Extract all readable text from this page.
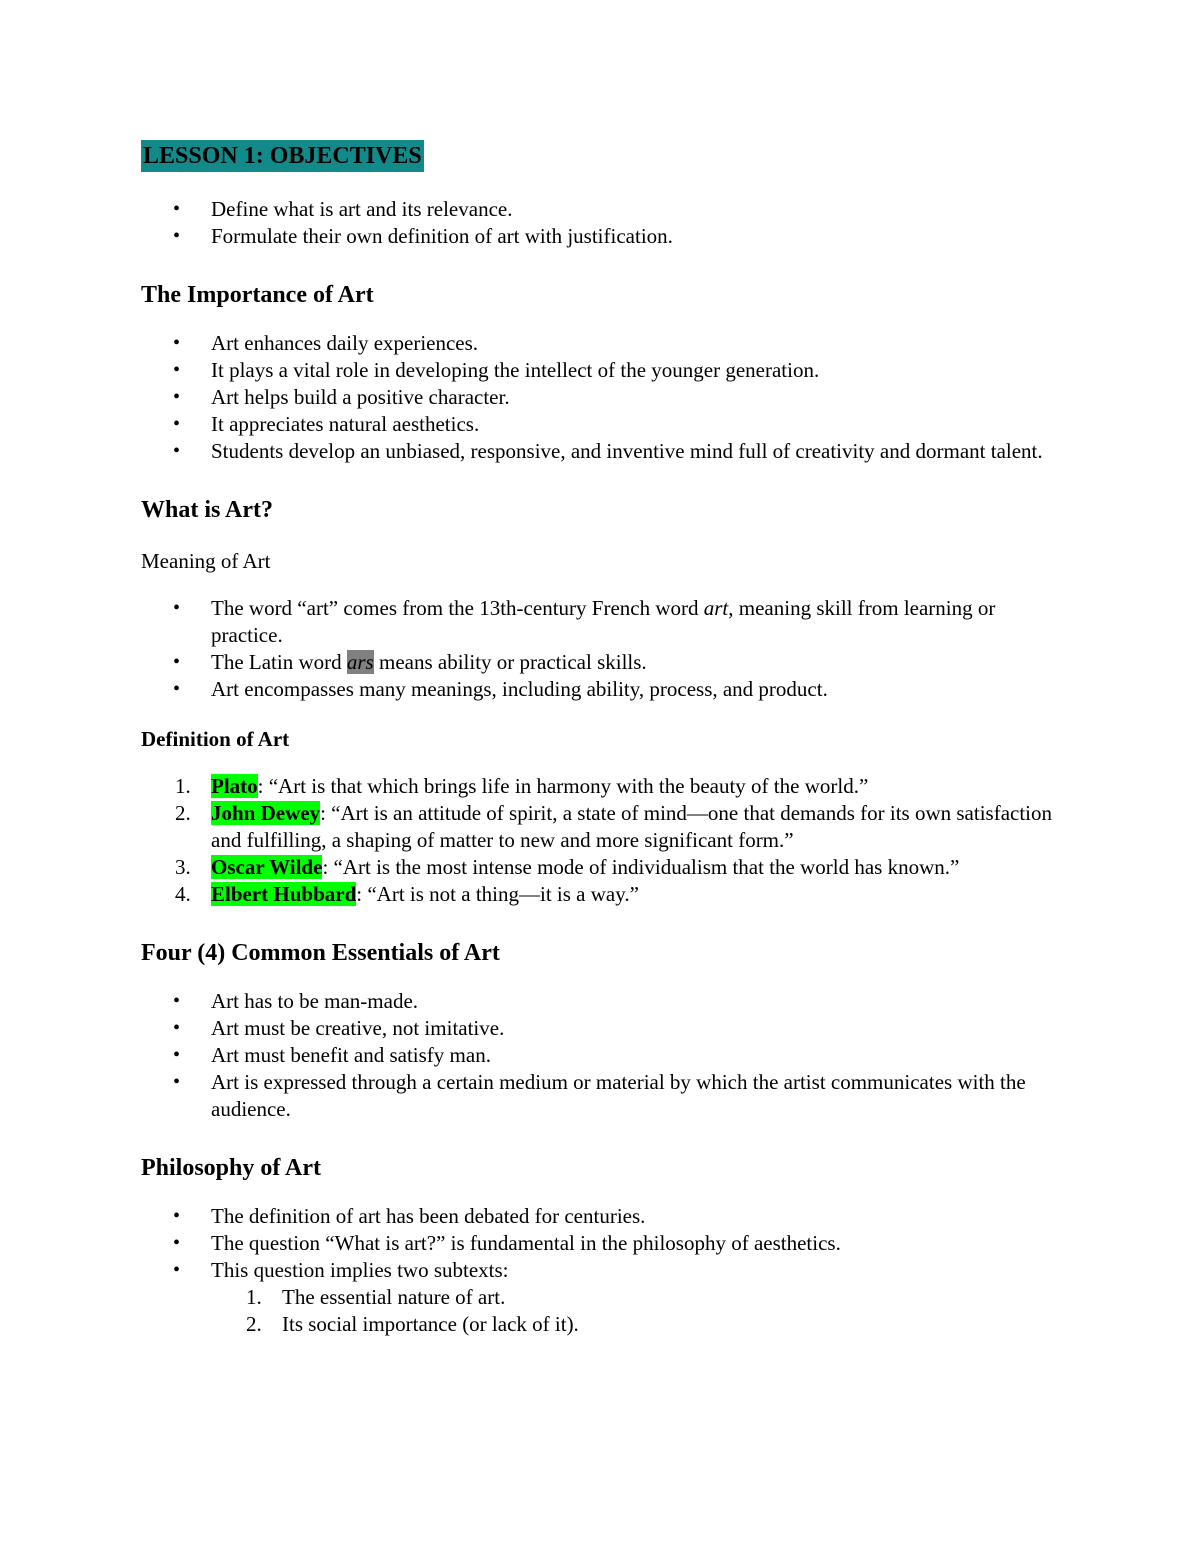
LESSON 1: OBJECTIVES
• Define what is art and its relevance.
• Formulate their own definition of art with justification.
The Importance of Art
• Art enhances daily experiences.
• It plays a vital role in developing the intellect of the younger generation.
• Art helps build a positive character.
• It appreciates natural aesthetics.
• Students develop an unbiased, responsive, and inventive mind full of creativity and dormant talent.
What is Art?
Meaning of Art
• The word “art” comes from the 13th-century French word art, meaning skill from learning or practice.
• The Latin word ars means ability or practical skills.
• Art encompasses many meanings, including ability, process, and product.
Definition of Art
1. Plato: “Art is that which brings life in harmony with the beauty of the world.”
2. John Dewey: “Art is an attitude of spirit, a state of mind—one that demands for its own satisfaction and fulfilling, a shaping of matter to new and more significant form.”
3. Oscar Wilde: “Art is the most intense mode of individualism that the world has known.”
4. Elbert Hubbard: “Art is not a thing—it is a way.”
Four (4) Common Essentials of Art
• Art has to be man-made.
• Art must be creative, not imitative.
• Art must benefit and satisfy man.
• Art is expressed through a certain medium or material by which the artist communicates with the audience.
Philosophy of Art
• The definition of art has been debated for centuries.
• The question “What is art?” is fundamental in the philosophy of aesthetics.
• This question implies two subtexts:
1. The essential nature of art.
2. Its social importance (or lack of it).
